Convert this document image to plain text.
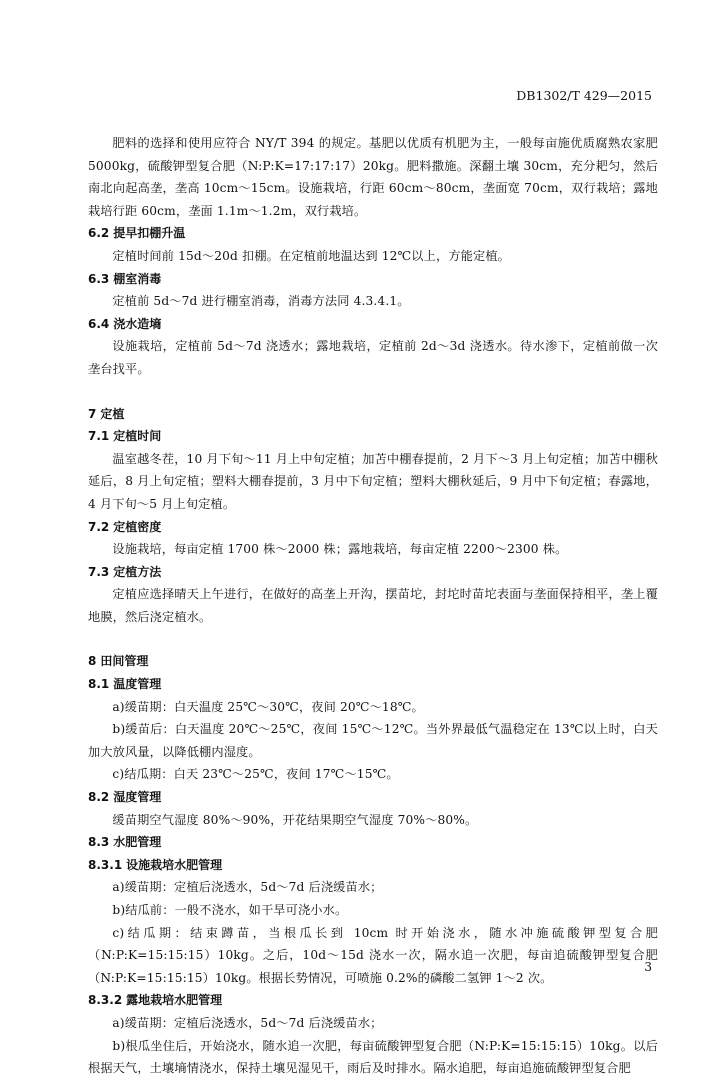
DB1302/T 429—2015
肥料的选择和使用应符合 NY/T 394 的规定。基肥以优质有机肥为主，一般每亩施优质腐熟农家肥5000kg，硫酸钾型复合肥（N:P:K=17:17:17）20kg。肥料撒施。深翻土壤 30cm，充分耙匀，然后南北向起高垄，垄高 10cm～15cm。设施栽培，行距 60cm～80cm，垄面宽 70cm，双行栽培；露地栽培行距 60cm，垄面 1.1m～1.2m，双行栽培。
6.2 提早扣棚升温
定植时间前 15d～20d 扣棚。在定植前地温达到 12℃以上，方能定植。
6.3 棚室消毒
定植前 5d～7d 进行棚室消毒，消毒方法同 4.3.4.1。
6.4 浇水造墒
设施栽培，定植前 5d～7d 浇透水；露地栽培，定植前 2d～3d 浇透水。待水渗下，定植前做一次垄台找平。
7 定植
7.1 定植时间
温室越冬茬，10 月下旬～11 月上中旬定植；加苫中棚春提前，2 月下～3 月上旬定植；加苫中棚秋延后，8 月上旬定植；塑料大棚春提前，3 月中下旬定植；塑料大棚秋延后，9 月中下旬定植；春露地，4 月下旬～5 月上旬定植。
7.2 定植密度
设施栽培，每亩定植 1700 株～2000 株；露地栽培，每亩定植 2200～2300 株。
7.3 定植方法
定植应选择晴天上午进行，在做好的高垄上开沟，摆苗坨，封坨时苗坨表面与垄面保持相平，垄上覆地膜，然后浇定植水。
8 田间管理
8.1 温度管理
a)缓苗期：白天温度 25℃～30℃，夜间 20℃～18℃。
b)缓苗后：白天温度 20℃～25℃，夜间 15℃～12℃。当外界最低气温稳定在 13℃以上时，白天加大放风量，以降低棚内湿度。
c)结瓜期：白天 23℃～25℃，夜间 17℃～15℃。
8.2 湿度管理
缓苗期空气湿度 80%～90%，开花结果期空气湿度 70%～80%。
8.3 水肥管理
8.3.1 设施栽培水肥管理
a)缓苗期：定植后浇透水，5d～7d 后浇缓苗水；
b)结瓜前：一般不浇水，如干旱可浇小水。
c)结瓜期：结束蹲苗，当根瓜长到 10cm 时开始浇水，随水冲施硫酸钾型复合肥（N:P:K=15:15:15）10kg。之后，10d～15d 浇水一次，隔水追一次肥，每亩追硫酸钾型复合肥（N:P:K=15:15:15）10kg。根据长势情况，可喷施 0.2%的磷酸二氢钾 1～2 次。
8.3.2 露地栽培水肥管理
a)缓苗期：定植后浇透水，5d～7d 后浇缓苗水；
b)根瓜坐住后，开始浇水，随水追一次肥，每亩硫酸钾型复合肥（N:P:K=15:15:15）10kg。以后根据天气，土壤墒情浇水，保持土壤见湿见干，雨后及时排水。隔水追肥，每亩追施硫酸钾型复合肥
3
